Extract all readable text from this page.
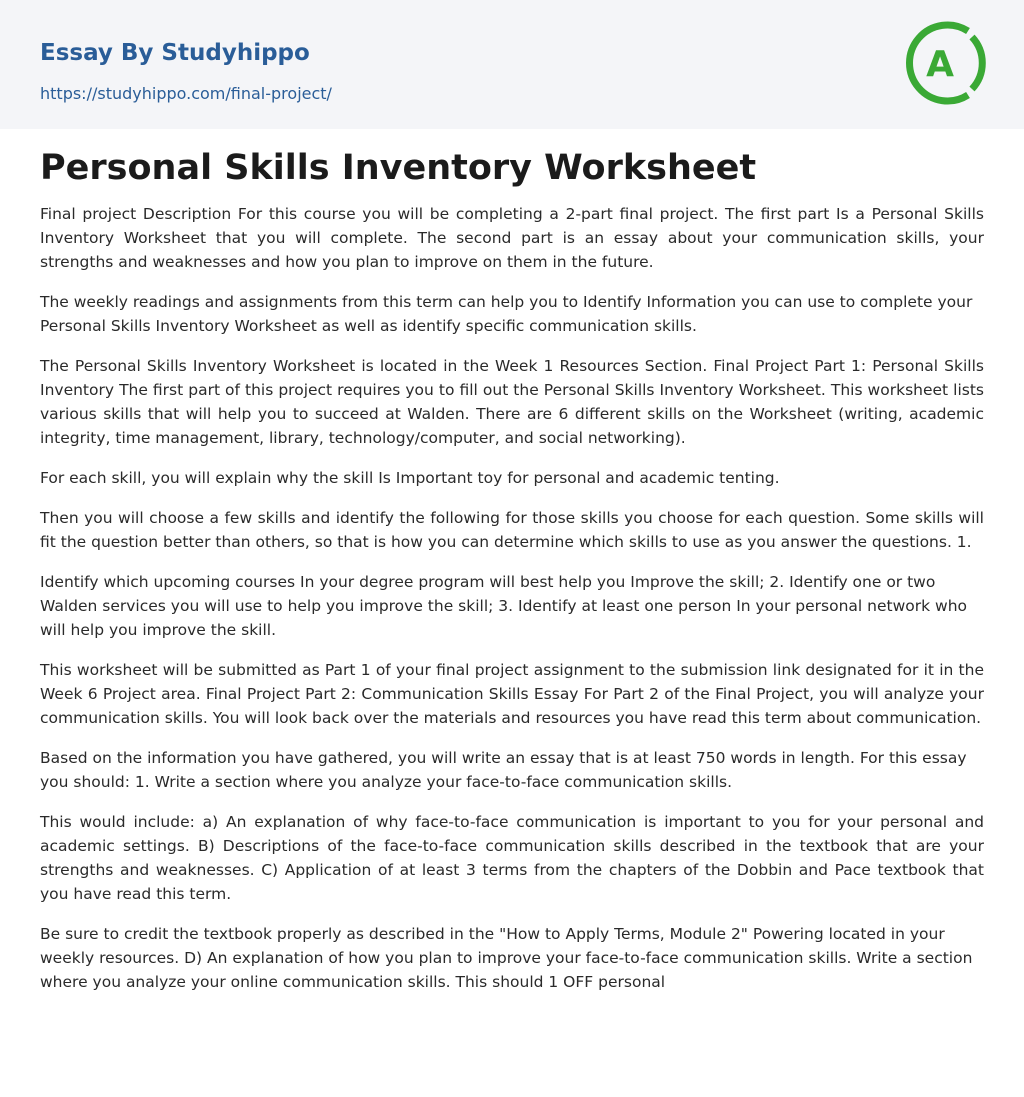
Essay By Studyhippo
https://studyhippo.com/final-project/
A
Personal Skills Inventory Worksheet

Final project Description For this course you will be completing a 2-part final project. The first part Is a Personal Skills Inventory Worksheet that you will complete. The second part is an essay about your communication skills, your strengths and weaknesses and how you plan to improve on them in the future.

The weekly readings and assignments from this term can help you to Identify Information you can use to complete your Personal Skills Inventory Worksheet as well as identify specific communication skills.

The Personal Skills Inventory Worksheet is located in the Week 1 Resources Section. Final Project Part 1: Personal Skills Inventory The first part of this project requires you to fill out the Personal Skills Inventory Worksheet. This worksheet lists various skills that will help you to succeed at Walden. There are 6 different skills on the Worksheet (writing, academic integrity, time management, library, technology/computer, and social networking).

For each skill, you will explain why the skill Is Important toy for personal and academic tenting.

Then you will choose a few skills and identify the following for those skills you choose for each question. Some skills will fit the question better than others, so that is how you can determine which skills to use as you answer the questions. 1.

Identify which upcoming courses In your degree program will best help you Improve the skill; 2. Identify one or two Walden services you will use to help you improve the skill; 3. Identify at least one person In your personal network who will help you improve the skill.

This worksheet will be submitted as Part 1 of your final project assignment to the submission link designated for it in the Week 6 Project area. Final Project Part 2: Communication Skills Essay For Part 2 of the Final Project, you will analyze your communication skills. You will look back over the materials and resources you have read this term about communication.

Based on the information you have gathered, you will write an essay that is at least 750 words in length. For this essay you should: 1. Write a section where you analyze your face-to-face communication skills.

This would include: a) An explanation of why face-to-face communication is important to you for your personal and academic settings. B) Descriptions of the face-to-face communication skills described in the textbook that are your strengths and weaknesses. C) Application of at least 3 terms from the chapters of the Dobbin and Pace textbook that you have read this term.

Be sure to credit the textbook properly as described in the "How to Apply Terms, Module 2" Powering located in your weekly resources. D) An explanation of how you plan to improve your face-to-face communication skills. Write a section where you analyze your online communication skills. This should 1 OFF personal
